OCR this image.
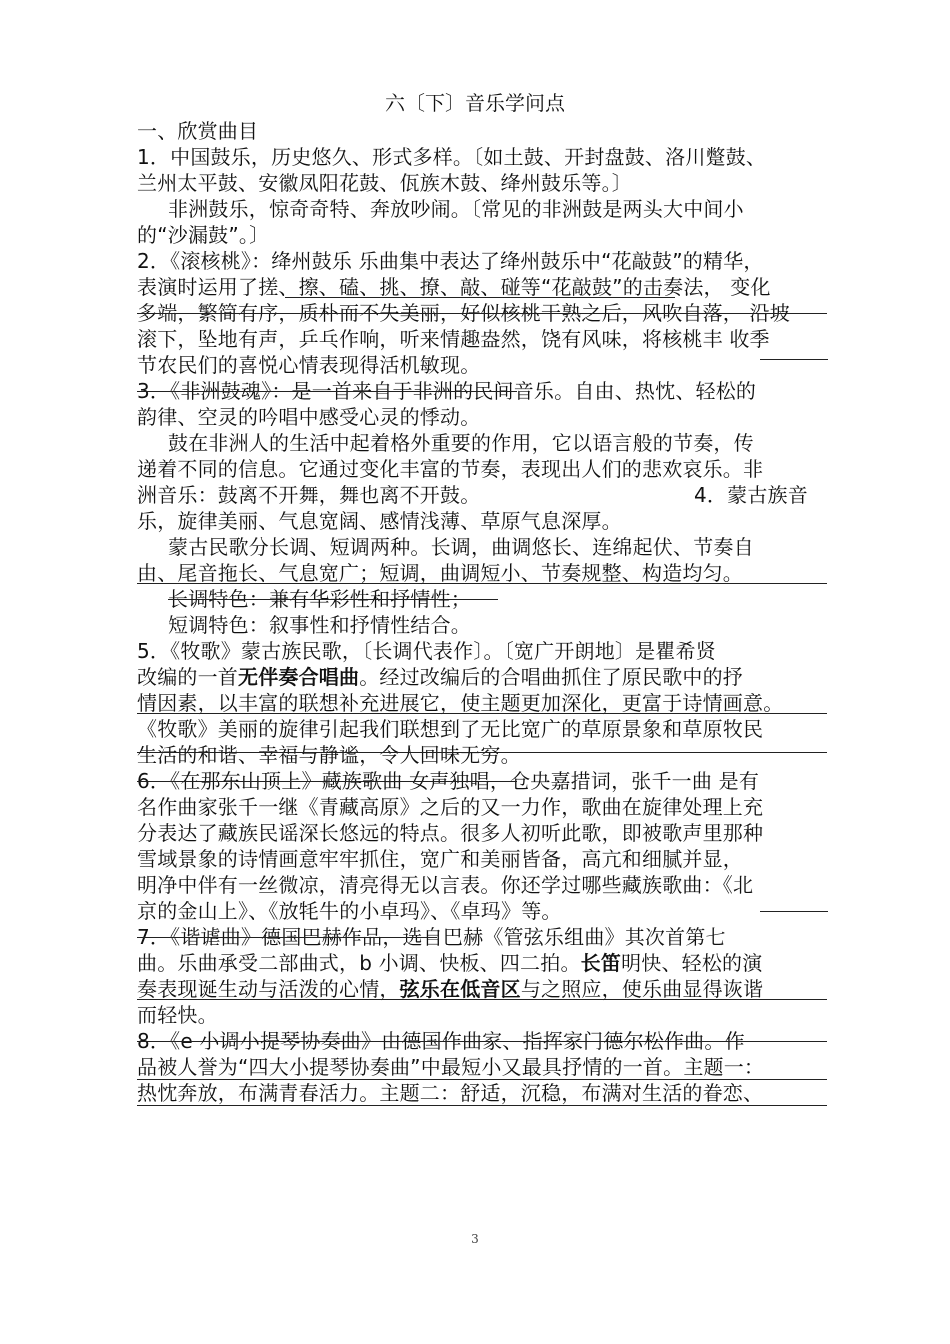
六〔下〕音乐学问点
一、欣赏曲目
1．中国鼓乐，历史悠久、形式多样。〔如土鼓、开封盘鼓、洛川蹩鼓、
兰州太平鼓、安徽凤阳花鼓、佤族木鼓、绛州鼓乐等。〕
非洲鼓乐，惊奇奇特、奔放吵闹。〔常见的非洲鼓是两头大中间小
的“沙漏鼓”。〕
2．《滚核桃》：绛州鼓乐 乐曲集中表达了绛州鼓乐中“花敲鼓”的精华，
表演时运用了搓、擦、磕、挑、撩、敲、碰等“花敲鼓”的击奏法， 变化
多端，繁简有序，质朴而不失美丽，好似核桃干熟之后，风吹自落， 沿坡
滚下，坠地有声，乒乓作响，听来情趣盎然，饶有风味，将核桃丰 收季
节农民们的喜悦心情表现得活机敏现。
3．《非洲鼓魂》：是一首来自于非洲的民间音乐。自由、热忱、轻松的
韵律、空灵的吟唱中感受心灵的悸动。
鼓在非洲人的生活中起着格外重要的作用，它以语言般的节奏，传
递着不同的信息。它通过变化丰富的节奏，表现出人们的悲欢哀乐。非
洲音乐：鼓离不开舞，舞也离不开鼓。	4．蒙古族音
乐，旋律美丽、气息宽阔、感情浅薄、草原气息深厚。
蒙古民歌分长调、短调两种。长调，曲调悠长、连绵起伏、节奏自
由、尾音拖长、气息宽广；短调，曲调短小、节奏规整、构造均匀。
长调特色：兼有华彩性和抒情性；
短调特色：叙事性和抒情性结合。
5．《牧歌》蒙古族民歌，〔长调代表作〕。〔宽广开朗地〕是瞿希贤
改编的一首无伴奏合唱曲。经过改编后的合唱曲抓住了原民歌中的抒
情因素，以丰富的联想补充进展它，使主题更加深化，更富于诗情画意。
《牧歌》美丽的旋律引起我们联想到了无比宽广的草原景象和草原牧民
生活的和谐、幸福与静谧，令人回味无穷。
6．《在那东山顶上》藏族歌曲 女声独唱，仓央嘉措词，张千一曲 是有
名作曲家张千一继《青藏高原》之后的又一力作，歌曲在旋律处理上充
分表达了藏族民谣深长悠远的特点。很多人初听此歌，即被歌声里那种
雪域景象的诗情画意牢牢抓住，宽广和美丽皆备，高亢和细腻并显，
明净中伴有一丝微凉，清亮得无以言表。你还学过哪些藏族歌曲：《北
京的金山上》、《放牦牛的小卓玛》、《卓玛》等。
7．《谐谑曲》德国巴赫作品，选自巴赫《管弦乐组曲》其次首第七
曲。乐曲承受二部曲式，b 小调、快板、四二拍。长笛明快、轻松的演
奏表现诞生动与活泼的心情，弦乐在低音区与之照应，使乐曲显得诙谐
而轻快。
8．《e 小调小提琴协奏曲》由德国作曲家、指挥家门德尔松作曲。作
品被人誉为“四大小提琴协奏曲”中最短小又最具抒情的一首。主题一：
热忱奔放，布满青春活力。主题二：舒适，沉稳，布满对生活的眷恋、
3
